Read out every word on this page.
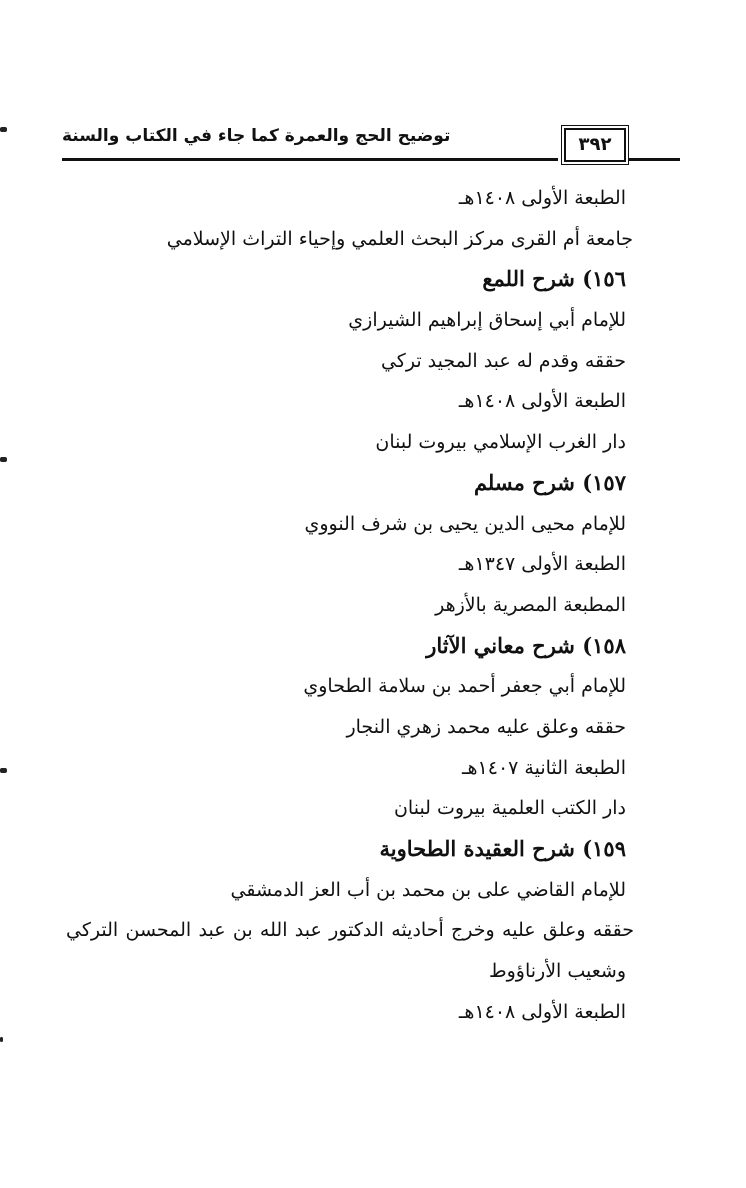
توضيح الحج والعمرة كما جاء في الكتاب والسنة	٣٩٢
الطبعة الأولى ١٤٠٨هـ
جامعة أم القرى مركز البحث العلمي وإحياء التراث الإسلامي
١٥٦) شرح اللمع
للإمام أبي إسحاق إبراهيم الشيرازي
حققه وقدم له عبد المجيد تركي
الطبعة الأولى ١٤٠٨هـ
دار الغرب الإسلامي بيروت لبنان
١٥٧) شرح مسلم
للإمام محيى الدين يحيى بن شرف النووي
الطبعة الأولى ١٣٤٧هـ
المطبعة المصرية بالأزهر
١٥٨) شرح معاني الآثار
للإمام أبي جعفر أحمد بن سلامة الطحاوي
حققه وعلق عليه محمد زهري النجار
الطبعة الثانية ١٤٠٧هـ
دار الكتب العلمية بيروت لبنان
١٥٩) شرح العقيدة الطحاوية
للإمام القاضي على بن محمد بن أب العز الدمشقي
حققه وعلق عليه وخرج أحاديثه الدكتور عبد الله بن عبد المحسن التركي
وشعيب الأرناؤوط
الطبعة الأولى ١٤٠٨هـ
